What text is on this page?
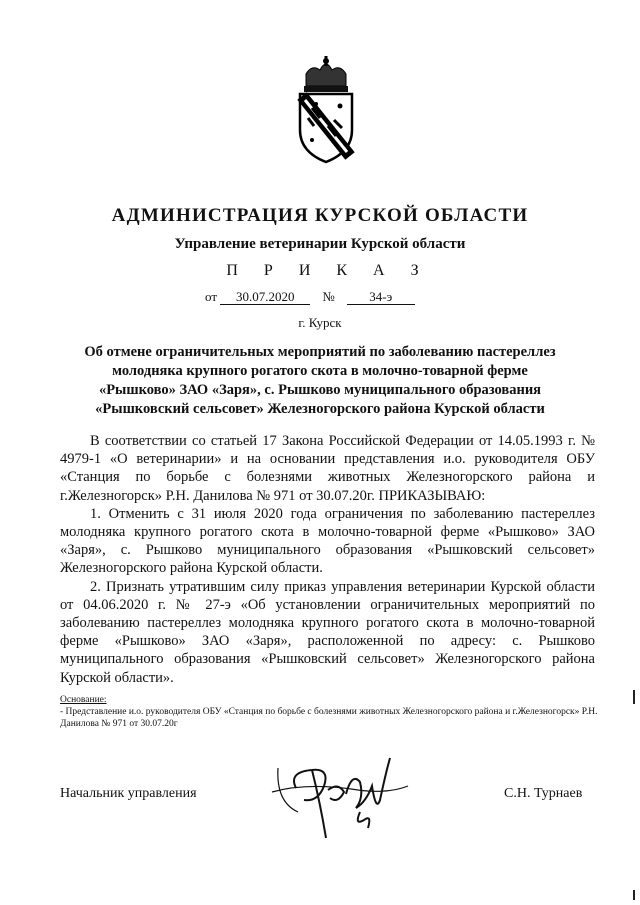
АДМИНИСТРАЦИЯ КУРСКОЙ ОБЛАСТИ
Управление ветеринарии Курской области
П Р И К А З
от 30.07.2020 №	34-э
г. Курск
Об отмене ограничительных мероприятий по заболеванию пастереллез молодняка крупного рогатого скота в молочно-товарной ферме «Рышково» ЗАО «Заря», с. Рышково муниципального образования «Рышковский сельсовет» Железногорского района Курской области

В соответствии со статьей 17 Закона Российской Федерации от 14.05.1993 г. № 4979-1 «О ветеринарии» и на основании представления и.о. руководителя ОБУ «Станция по борьбе с болезнями животных Железногорского района и г.Железногорск» Р.Н. Данилова № 971 от 30.07.20г. ПРИКАЗЫВАЮ:

1. Отменить с 31 июля 2020 года ограничения по заболеванию пастереллез молодняка крупного рогатого скота в молочно-товарной ферме «Рышково» ЗАО «Заря», с. Рышково муниципального образования «Рышковский сельсовет» Железногорского района Курской области.

2. Признать утратившим силу приказ управления ветеринарии Курской области от 04.06.2020 г. № 27-э «Об установлении ограничительных мероприятий по заболеванию пастереллез молодняка крупного рогатого скота в молочно-товарной ферме «Рышково» ЗАО «Заря», расположенной по адресу: с. Рышково муниципального образования «Рышковский сельсовет» Железногорского района Курской области».

Основание:
- Представление и.о. руководителя ОБУ «Станция по борьбе с болезнями животных Железногорского района и г.Железногорск» Р.Н. Данилова № 971 от 30.07.20г
Начальник управления	С.Н. Турнаев
